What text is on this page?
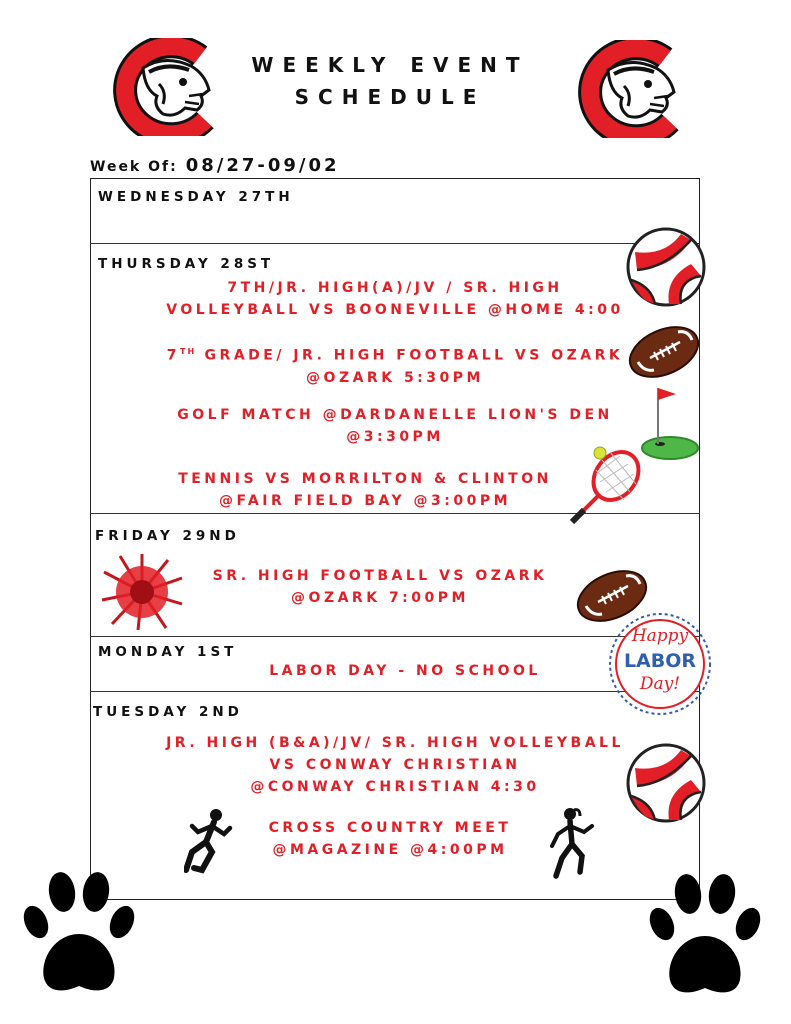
WEEKLY EVENT
SCHEDULE
Week Of: 08/27-09/02
WEDNESDAY 27TH
THURSDAY 28ST
7TH/JR. HIGH(A)/JV / SR. HIGH
VOLLEYBALL VS BOONEVILLE @HOME 4:00
7TH GRADE/ JR. HIGH FOOTBALL VS OZARK
@OZARK 5:30PM
GOLF MATCH @DARDANELLE LION'S DEN
@3:30PM
TENNIS VS MORRILTON & CLINTON
@FAIR FIELD BAY @3:00PM
FRIDAY 29ND
SR. HIGH FOOTBALL VS OZARK
@OZARK 7:00PM
MONDAY 1ST
LABOR DAY - NO SCHOOL
TUESDAY 2ND
JR. HIGH (B&A)/JV/ SR. HIGH VOLLEYBALL
VS CONWAY CHRISTIAN
@CONWAY CHRISTIAN 4:30
CROSS COUNTRY MEET
@MAGAZINE @4:00PM
Happy
LABOR
Day!
